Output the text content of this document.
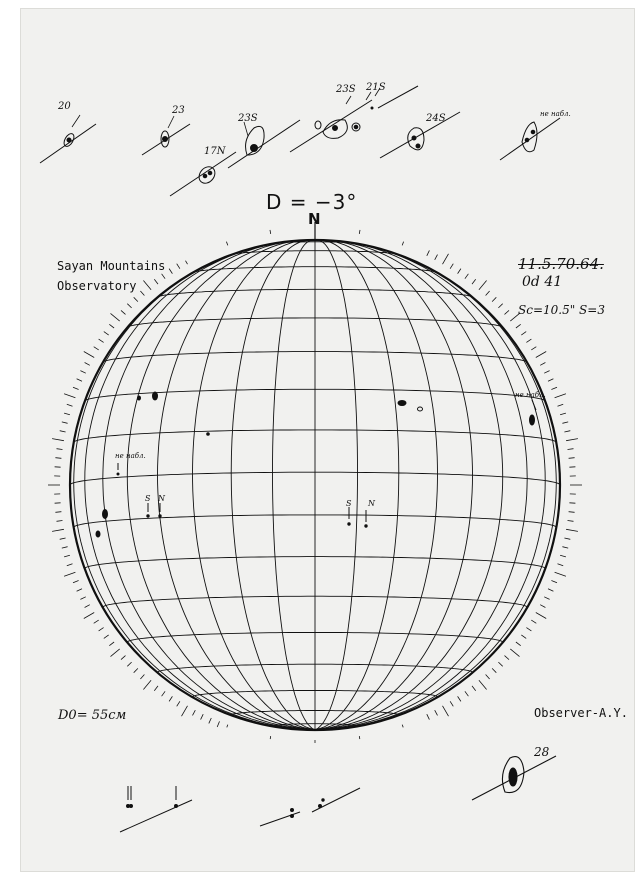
D = −3°
N
Sayan Mountains
Observatory
11.5.70.64.
0d 41
Sc=10.5" S=3
D0= 55см	Observer-A.Y.
20	23
23S
17N
23S 21S
24S	не набл.
28
не набл.
не набл.
S N
S N
